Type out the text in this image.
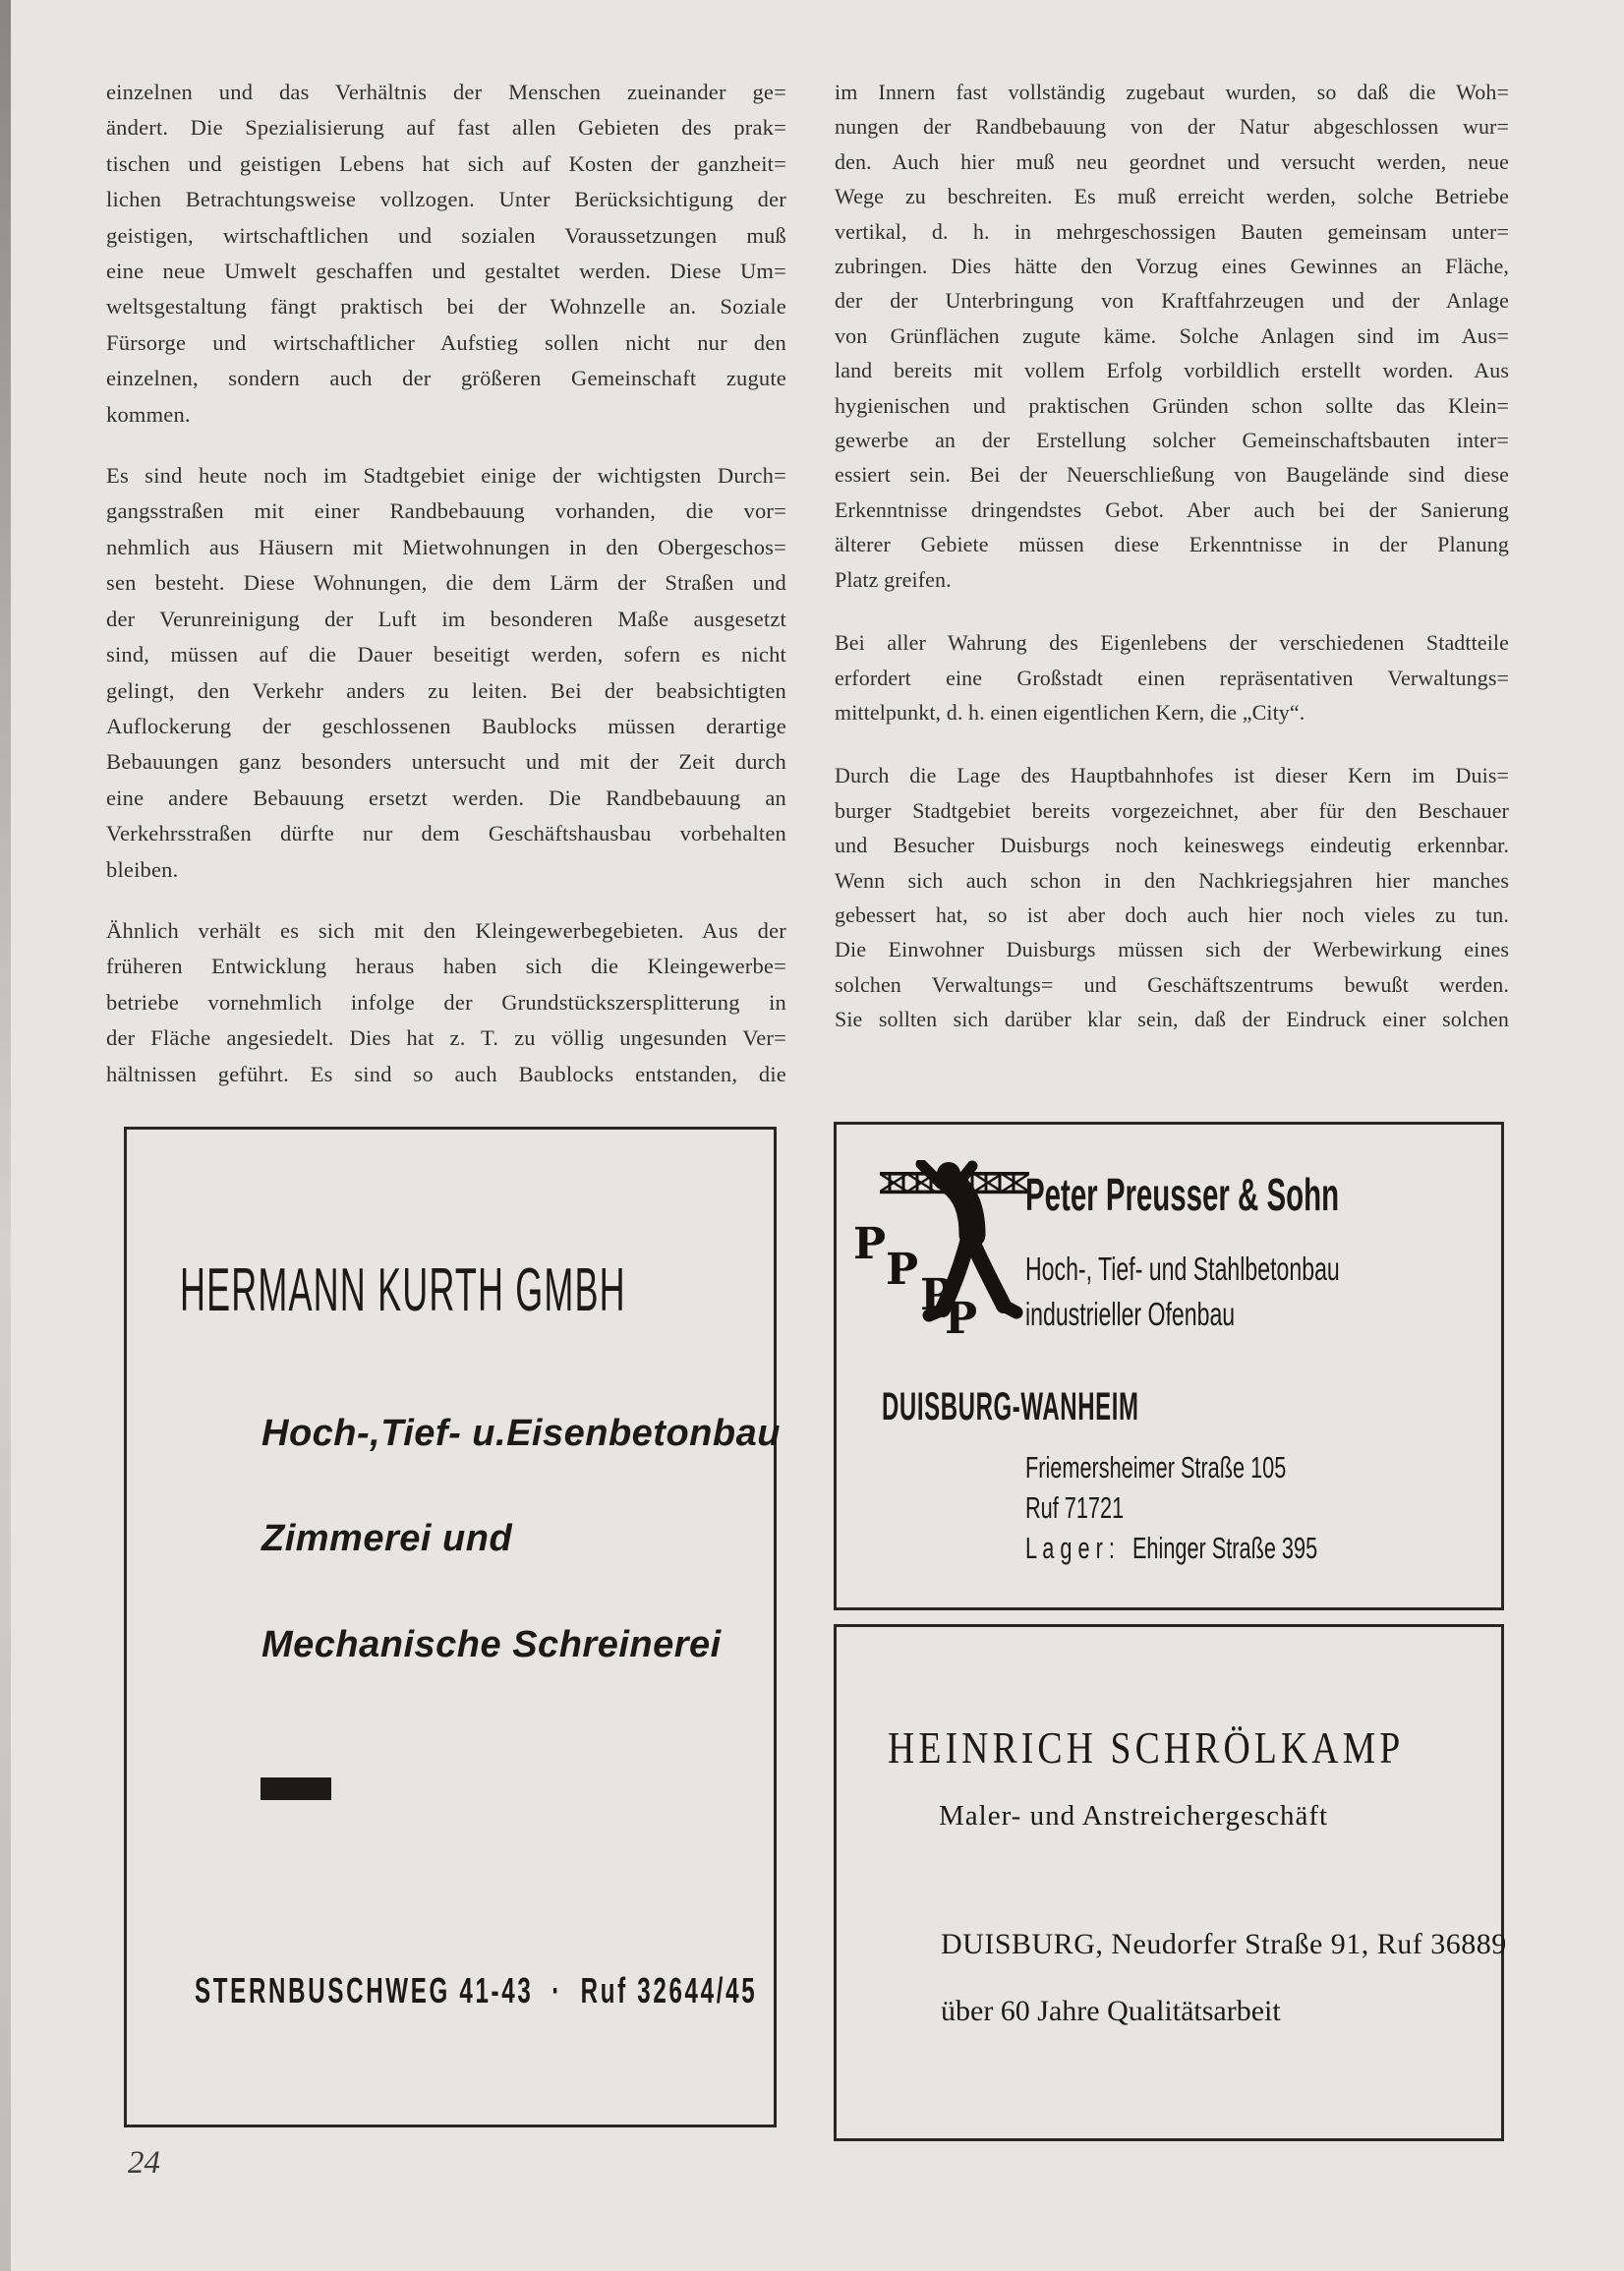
einzelnen und das Verhältnis der Menschen zueinander ge=
ändert. Die Spezialisierung auf fast allen Gebieten des prak=
tischen und geistigen Lebens hat sich auf Kosten der ganzheit=
lichen Betrachtungsweise vollzogen. Unter Berücksichtigung der
geistigen, wirtschaftlichen und sozialen Voraussetzungen muß
eine neue Umwelt geschaffen und gestaltet werden. Diese Um=
weltsgestaltung fängt praktisch bei der Wohnzelle an. Soziale
Fürsorge und wirtschaftlicher Aufstieg sollen nicht nur den
einzelnen, sondern auch der größeren Gemeinschaft zugute
kommen.
Es sind heute noch im Stadtgebiet einige der wichtigsten Durch=
gangsstraßen mit einer Randbebauung vorhanden, die vor=
nehmlich aus Häusern mit Mietwohnungen in den Obergeschos=
sen besteht. Diese Wohnungen, die dem Lärm der Straßen und
der Verunreinigung der Luft im besonderen Maße ausgesetzt
sind, müssen auf die Dauer beseitigt werden, sofern es nicht
gelingt, den Verkehr anders zu leiten. Bei der beabsichtigten
Auflockerung der geschlossenen Baublocks müssen derartige
Bebauungen ganz besonders untersucht und mit der Zeit durch
eine andere Bebauung ersetzt werden. Die Randbebauung an
Verkehrsstraßen dürfte nur dem Geschäftshausbau vorbehalten
bleiben.
Ähnlich verhält es sich mit den Kleingewerbegebieten. Aus der
früheren Entwicklung heraus haben sich die Kleingewerbe=
betriebe vornehmlich infolge der Grundstückszersplitterung in
der Fläche angesiedelt. Dies hat z. T. zu völlig ungesunden Ver=
hältnissen geführt. Es sind so auch Baublocks entstanden, die
im Innern fast vollständig zugebaut wurden, so daß die Woh=
nungen der Randbebauung von der Natur abgeschlossen wur=
den. Auch hier muß neu geordnet und versucht werden, neue
Wege zu beschreiten. Es muß erreicht werden, solche Betriebe
vertikal, d. h. in mehrgeschossigen Bauten gemeinsam unter=
zubringen. Dies hätte den Vorzug eines Gewinnes an Fläche,
der der Unterbringung von Kraftfahrzeugen und der Anlage
von Grünflächen zugute käme. Solche Anlagen sind im Aus=
land bereits mit vollem Erfolg vorbildlich erstellt worden. Aus
hygienischen und praktischen Gründen schon sollte das Klein=
gewerbe an der Erstellung solcher Gemeinschaftsbauten inter=
essiert sein. Bei der Neuerschließung von Baugelände sind diese
Erkenntnisse dringendstes Gebot. Aber auch bei der Sanierung
älterer Gebiete müssen diese Erkenntnisse in der Planung
Platz greifen.
Bei aller Wahrung des Eigenlebens der verschiedenen Stadtteile
erfordert eine Großstadt einen repräsentativen Verwaltungs=
mittelpunkt, d. h. einen eigentlichen Kern, die „City“.
Durch die Lage des Hauptbahnhofes ist dieser Kern im Duis=
burger Stadtgebiet bereits vorgezeichnet, aber für den Beschauer
und Besucher Duisburgs noch keineswegs eindeutig erkennbar.
Wenn sich auch schon in den Nachkriegsjahren hier manches
gebessert hat, so ist aber doch auch hier noch vieles zu tun.
Die Einwohner Duisburgs müssen sich der Werbewirkung eines
solchen Verwaltungs= und Geschäftszentrums bewußt werden.
Sie sollten sich darüber klar sein, daß der Eindruck einer solchen
HERMANN KURTH GMBH
Hoch-,Tief- u.Eisenbetonbau
Zimmerei und
Mechanische Schreinerei
STERNBUSCHWEG 41-43  ·  Ruf 32644/45
P
P
P
P
Peter Preusser & Sohn
Hoch-, Tief- und Stahlbetonbau
industrieller Ofenbau
DUISBURG-WANHEIM
Friemersheimer Straße 105
Ruf 71721
L a g e r :   Ehinger Straße 395
HEINRICH SCHRÖLKAMP
Maler- und Anstreichergeschäft
DUISBURG, Neudorfer Straße 91, Ruf 36889
über 60 Jahre Qualitätsarbeit
24
